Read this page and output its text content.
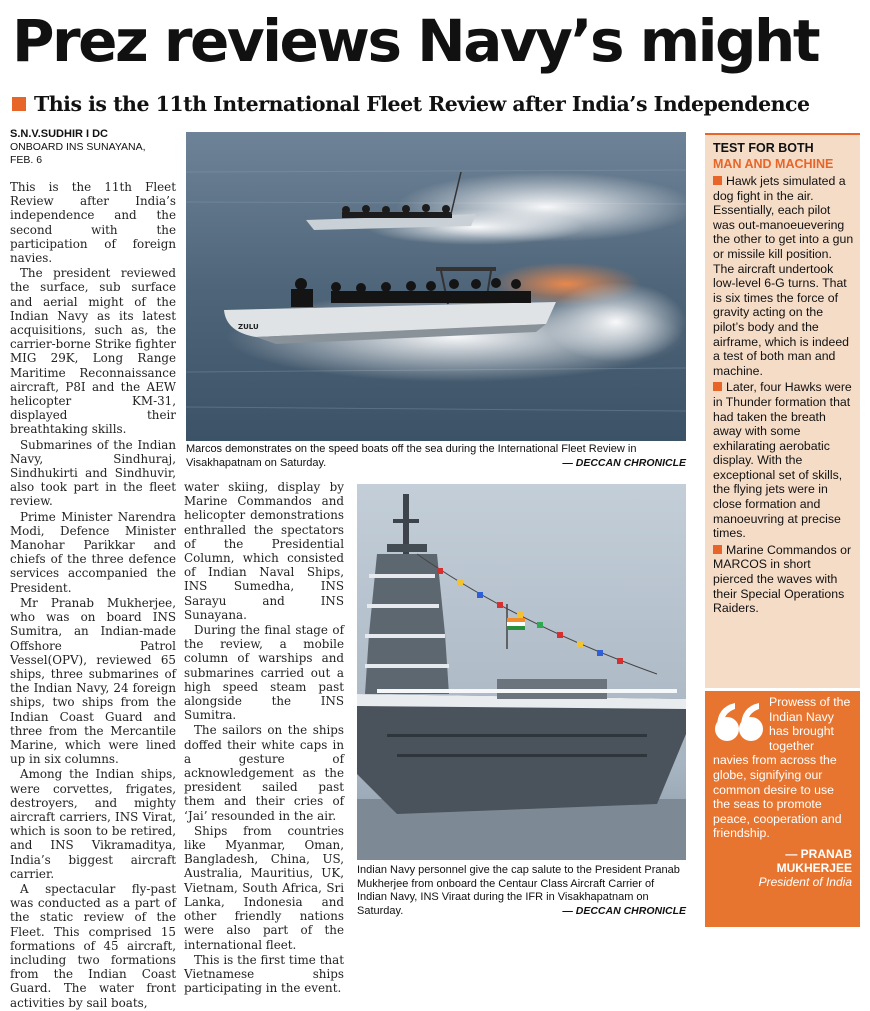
Prez reviews Navy’s might
This is the 11th International Fleet Review after India’s Independence
S.N.V.SUDHIR I DC
ONBOARD INS SUNAYANA,
FEB. 6

This is the 11th Fleet Review after India’s independence and the second with the participation of foreign navies.

The president reviewed the surface, sub surface and aerial might of the Indian Navy as its latest acquisitions, such as, the carrier-borne Strike fighter MIG 29K, Long Range Maritime Reconnaissance aircraft, P8I and the AEW helicopter KM-31, displayed their breathtaking skills.

Submarines of the Indian Navy, Sindhuraj, Sindhukirti and Sindhuvir, also took part in the fleet review.

Prime Minister Narendra Modi, Defence Minister Manohar Parikkar and chiefs of the three defence services accompanied the President.

Mr Pranab Mukherjee, who was on board INS Sumitra, an Indian-made Offshore Patrol Vessel(OPV), reviewed 65 ships, three submarines of the Indian Navy, 24 foreign ships, two ships from the Indian Coast Guard and three from the Mercantile Marine, which were lined up in six columns.

Among the Indian ships, were corvettes, frigates, destroyers, and mighty aircraft carriers, INS Virat, which is soon to be retired, and INS Vikramaditya, India’s biggest aircraft carrier.

A spectacular fly-past was conducted as a part of the static review of the Fleet. This comprised 15 formations of 45 aircraft, including two formations from the Indian Coast Guard. The water front activities by sail boats,

water skiing, display by Marine Commandos and helicopter demonstrations enthralled the spectators of the Presidential Column, which consisted of Indian Naval Ships, INS Sumedha, INS Sarayu and INS Sunayana.

During the final stage of the review, a mobile column of warships and submarines carried out a high speed steam past alongside the INS Sumitra.

The sailors on the ships doffed their white caps in a gesture of acknowledgement as the president sailed past them and their cries of ‘Jai’ resounded in the air.

Ships from countries like Myanmar, Oman, Bangladesh, China, US, Australia, Mauritius, UK, Vietnam, South Africa, Sri Lanka, Indonesia and other friendly nations were also part of the international fleet.

This is the first time that Vietnamese ships participating in the event.

ZULU
Marcos demonstrates on the speed boats off the sea during the International Fleet Review in Visakhapatnam on Saturday.	— DECCAN CHRONICLE
Indian Navy personnel give the cap salute to the President Pranab Mukherjee from onboard the Centaur Class Aircraft Carrier of Indian Navy, INS Viraat during the IFR in Visakhapatnam on Saturday.	— DECCAN CHRONICLE
TEST FOR BOTH
MAN AND MACHINE
Hawk jets simulated a dog fight in the air. Essentially, each pilot was out-manoeuevering the other to get into a gun or missile kill position. The aircraft undertook low-level 6-G turns. That is six times the force of gravity acting on the pilot’s body and the airframe, which is indeed a test of both man and machine.
Later, four Hawks were in Thunder formation that had taken the breath away with some exhilarating aerobatic display. With the exceptional set of skills, the flying jets were in close formation and manoeuvring at precise times.
Marine Commandos or MARCOS in short pierced the waves with their Special Operations Raiders.
Prowess of the Indian Navy has brought together navies from across the globe, signifying our common desire to use the seas to promote peace, cooperation and friendship.
— PRANAB MUKHERJEE
President of India
